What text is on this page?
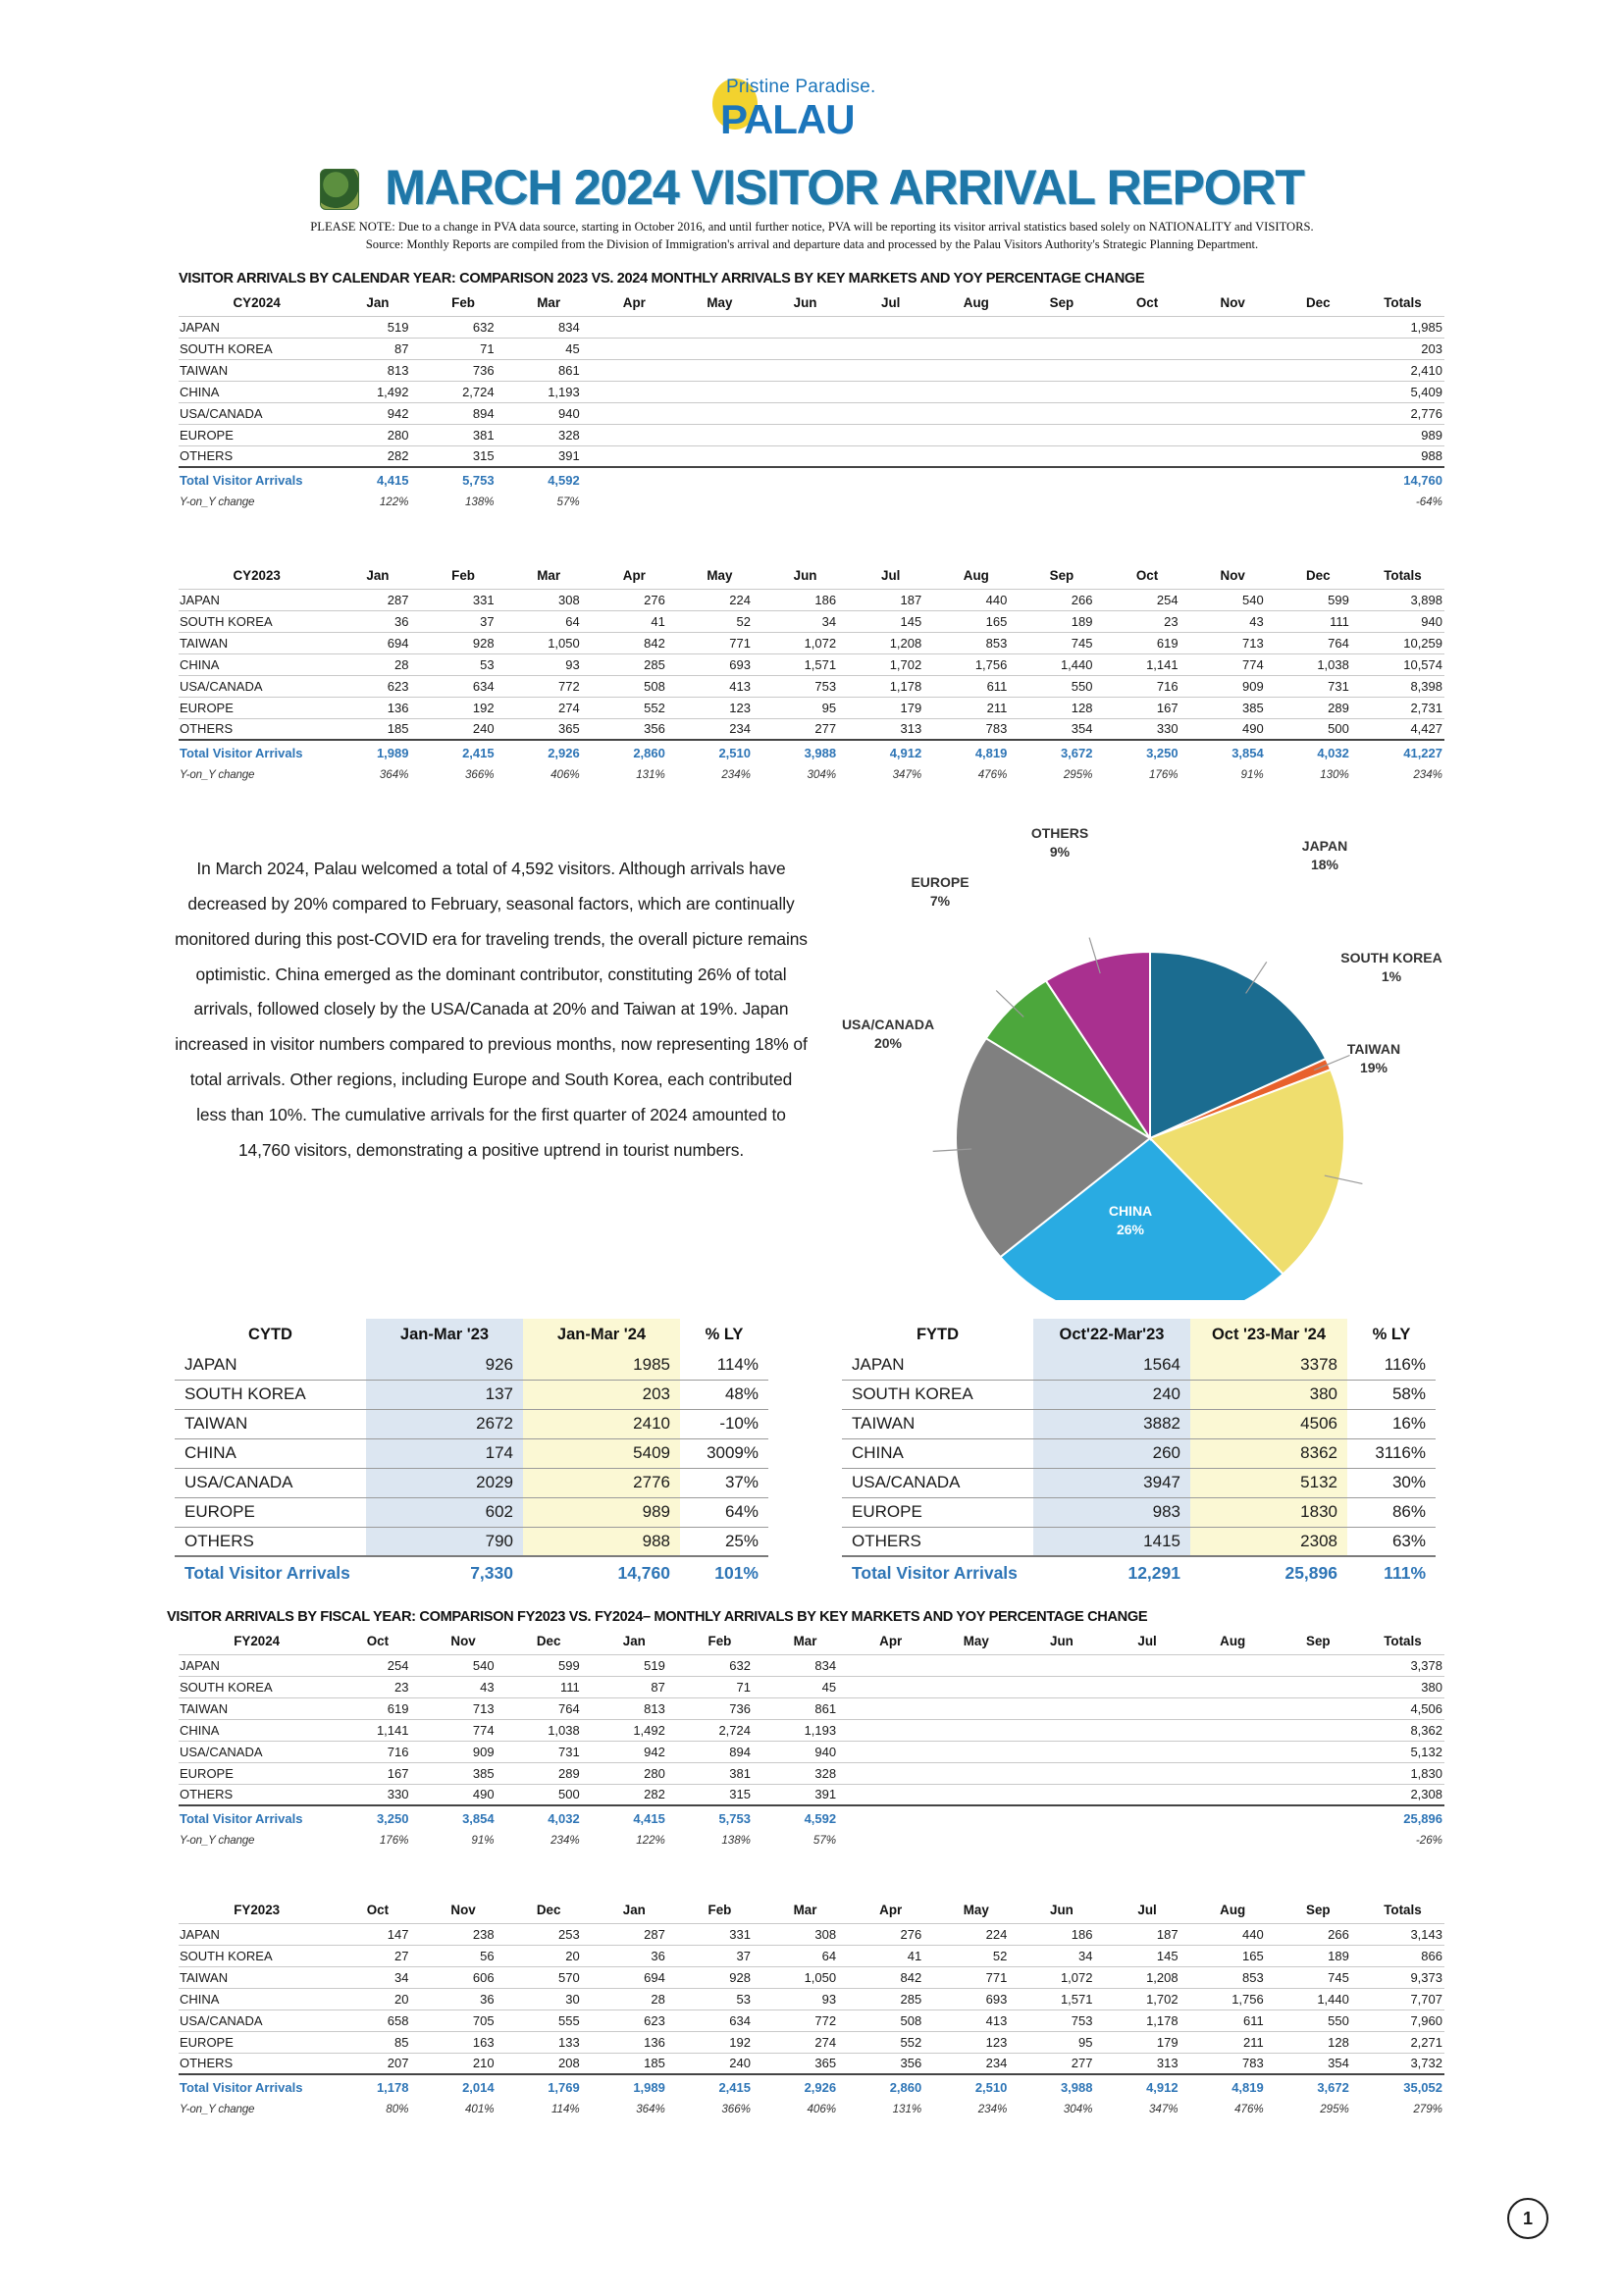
Pristine Paradise.
PALAU
MARCH 2024 VISITOR ARRIVAL REPORT
PLEASE NOTE: Due to a change in PVA data source, starting in October 2016, and until further notice, PVA will be reporting its visitor arrival statistics based solely on NATIONALITY and VISITORS.
Source: Monthly Reports are compiled from the Division of Immigration's arrival and departure data and processed by the Palau Visitors Authority's Strategic Planning Department.
VISITOR ARRIVALS BY CALENDAR YEAR: COMPARISON 2023 VS. 2024 MONTHLY ARRIVALS BY KEY MARKETS AND YOY PERCENTAGE CHANGE
CY2024	Jan	Feb	Mar	Apr	May	Jun	Jul	Aug	Sep	Oct	Nov	Dec	Totals
JAPAN	519	632	834										1,985
SOUTH KOREA	87	71	45										203
TAIWAN	813	736	861										2,410
CHINA	1,492	2,724	1,193										5,409
USA/CANADA	942	894	940										2,776
EUROPE	280	381	328										989
OTHERS	282	315	391										988
Total Visitor Arrivals	4,415	5,753	4,592										14,760
Y-on_Y change	122%	138%	57%										-64%
CY2023	Jan	Feb	Mar	Apr	May	Jun	Jul	Aug	Sep	Oct	Nov	Dec	Totals
JAPAN	287	331	308	276	224	186	187	440	266	254	540	599	3,898
SOUTH KOREA	36	37	64	41	52	34	145	165	189	23	43	111	940
TAIWAN	694	928	1,050	842	771	1,072	1,208	853	745	619	713	764	10,259
CHINA	28	53	93	285	693	1,571	1,702	1,756	1,440	1,141	774	1,038	10,574
USA/CANADA	623	634	772	508	413	753	1,178	611	550	716	909	731	8,398
EUROPE	136	192	274	552	123	95	179	211	128	167	385	289	2,731
OTHERS	185	240	365	356	234	277	313	783	354	330	490	500	4,427
Total Visitor Arrivals	1,989	2,415	2,926	2,860	2,510	3,988	4,912	4,819	3,672	3,250	3,854	4,032	41,227
Y-on_Y change	364%	366%	406%	131%	234%	304%	347%	476%	295%	176%	91%	130%	234%
In March 2024, Palau welcomed a total of 4,592 visitors. Although arrivals have decreased by 20% compared to February, seasonal factors, which are continually monitored during this post-COVID era for traveling trends, the overall picture remains optimistic. China emerged as the dominant contributor, constituting 26% of total arrivals, followed closely by the USA/Canada at 20% and Taiwan at 19%. Japan increased in visitor numbers compared to previous months, now representing 18% of total arrivals. Other regions, including Europe and South Korea, each contributed less than 10%. The cumulative arrivals for the first quarter of 2024 amounted to 14,760 visitors, demonstrating a positive uptrend in tourist numbers.
JAPAN
18%
SOUTH KOREA
1%
TAIWAN
19%
CHINA
26%
USA/CANADA
20%
EUROPE
7%
OTHERS
9%
CYTD	Jan-Mar '23	Jan-Mar '24	% LY
JAPAN	926	1985	114%
SOUTH KOREA	137	203	48%
TAIWAN	2672	2410	-10%
CHINA	174	5409	3009%
USA/CANADA	2029	2776	37%
EUROPE	602	989	64%
OTHERS	790	988	25%
Total Visitor Arrivals	7,330	14,760	101%
FYTD	Oct'22-Mar'23	Oct '23-Mar '24	% LY
JAPAN	1564	3378	116%
SOUTH KOREA	240	380	58%
TAIWAN	3882	4506	16%
CHINA	260	8362	3116%
USA/CANADA	3947	5132	30%
EUROPE	983	1830	86%
OTHERS	1415	2308	63%
Total Visitor Arrivals	12,291	25,896	111%
VISITOR ARRIVALS BY FISCAL YEAR: COMPARISON FY2023 VS. FY2024– MONTHLY ARRIVALS BY KEY MARKETS AND YOY PERCENTAGE CHANGE
FY2024	Oct	Nov	Dec	Jan	Feb	Mar	Apr	May	Jun	Jul	Aug	Sep	Totals
JAPAN	254	540	599	519	632	834							3,378
SOUTH KOREA	23	43	111	87	71	45							380
TAIWAN	619	713	764	813	736	861							4,506
CHINA	1,141	774	1,038	1,492	2,724	1,193							8,362
USA/CANADA	716	909	731	942	894	940							5,132
EUROPE	167	385	289	280	381	328							1,830
OTHERS	330	490	500	282	315	391							2,308
Total Visitor Arrivals	3,250	3,854	4,032	4,415	5,753	4,592							25,896
Y-on_Y change	176%	91%	234%	122%	138%	57%							-26%
FY2023	Oct	Nov	Dec	Jan	Feb	Mar	Apr	May	Jun	Jul	Aug	Sep	Totals
JAPAN	147	238	253	287	331	308	276	224	186	187	440	266	3,143
SOUTH KOREA	27	56	20	36	37	64	41	52	34	145	165	189	866
TAIWAN	34	606	570	694	928	1,050	842	771	1,072	1,208	853	745	9,373
CHINA	20	36	30	28	53	93	285	693	1,571	1,702	1,756	1,440	7,707
USA/CANADA	658	705	555	623	634	772	508	413	753	1,178	611	550	7,960
EUROPE	85	163	133	136	192	274	552	123	95	179	211	128	2,271
OTHERS	207	210	208	185	240	365	356	234	277	313	783	354	3,732
Total Visitor Arrivals	1,178	2,014	1,769	1,989	2,415	2,926	2,860	2,510	3,988	4,912	4,819	3,672	35,052
Y-on_Y change	80%	401%	114%	364%	366%	406%	131%	234%	304%	347%	476%	295%	279%
1
